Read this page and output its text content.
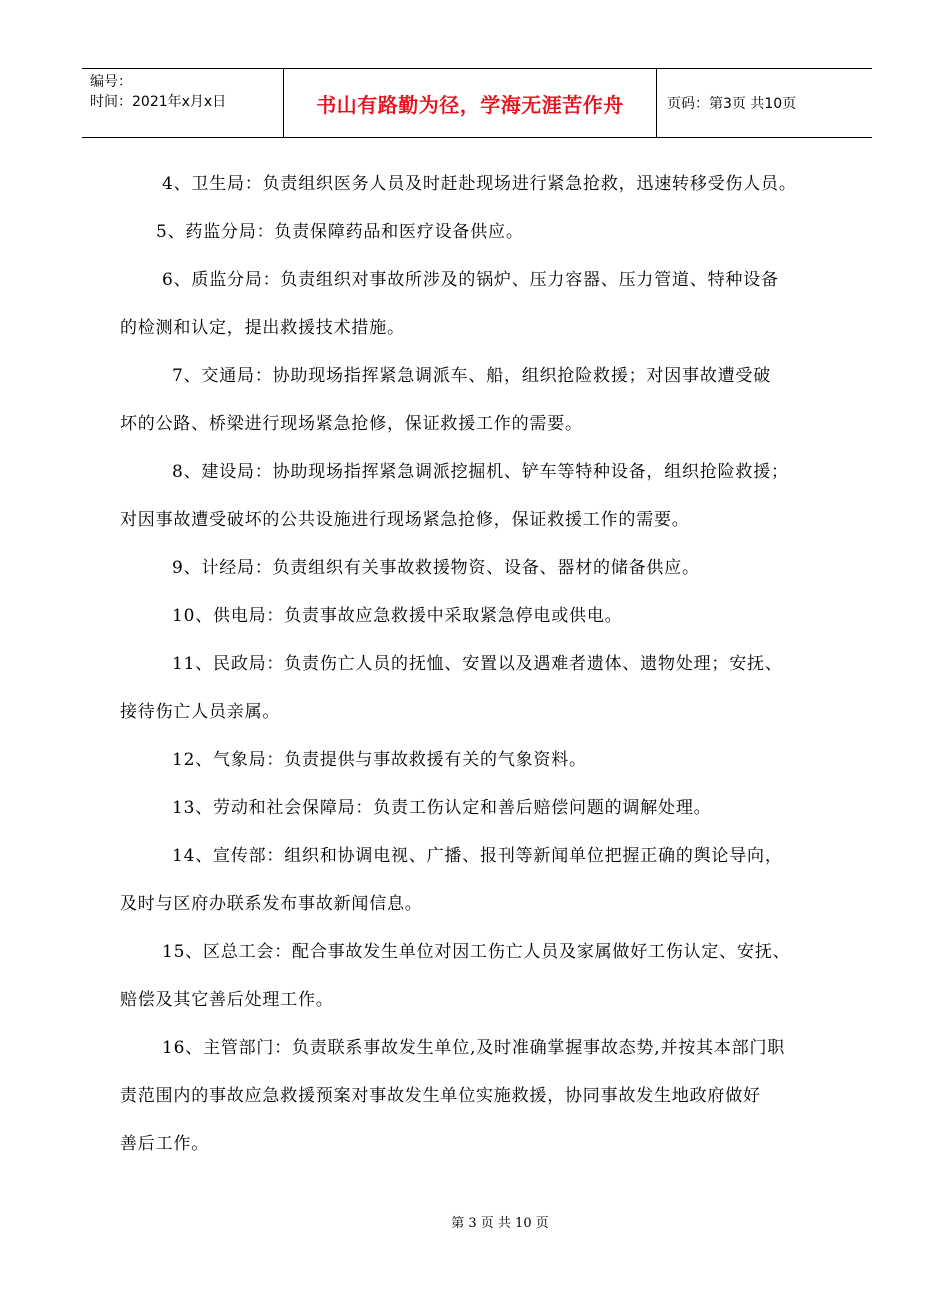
编号：
时间：2021年x月x日	书山有路勤为径，学海无涯苦作舟	页码：第3页 共10页

4、卫生局：负责组织医务人员及时赶赴现场进行紧急抢救，迅速转移受伤人员。

5、药监分局：负责保障药品和医疗设备供应。

6、质监分局：负责组织对事故所涉及的锅炉、压力容器、压力管道、特种设备

的检测和认定，提出救援技术措施。

7、交通局：协助现场指挥紧急调派车、船，组织抢险救援；对因事故遭受破

坏的公路、桥梁进行现场紧急抢修，保证救援工作的需要。

8、建设局：协助现场指挥紧急调派挖掘机、铲车等特种设备，组织抢险救援；

对因事故遭受破坏的公共设施进行现场紧急抢修，保证救援工作的需要。

9、计经局：负责组织有关事故救援物资、设备、器材的储备供应。

10、供电局：负责事故应急救援中采取紧急停电或供电。

11、民政局：负责伤亡人员的抚恤、安置以及遇难者遗体、遗物处理；安抚、

接待伤亡人员亲属。

12、气象局：负责提供与事故救援有关的气象资料。

13、劳动和社会保障局：负责工伤认定和善后赔偿问题的调解处理。

14、宣传部：组织和协调电视、广播、报刊等新闻单位把握正确的舆论导向，

及时与区府办联系发布事故新闻信息。

15、区总工会：配合事故发生单位对因工伤亡人员及家属做好工伤认定、安抚、

赔偿及其它善后处理工作。

16、主管部门：负责联系事故发生单位,及时准确掌握事故态势,并按其本部门职

责范围内的事故应急救援预案对事故发生单位实施救援，协同事故发生地政府做好

善后工作。

第 3 页 共 10 页
